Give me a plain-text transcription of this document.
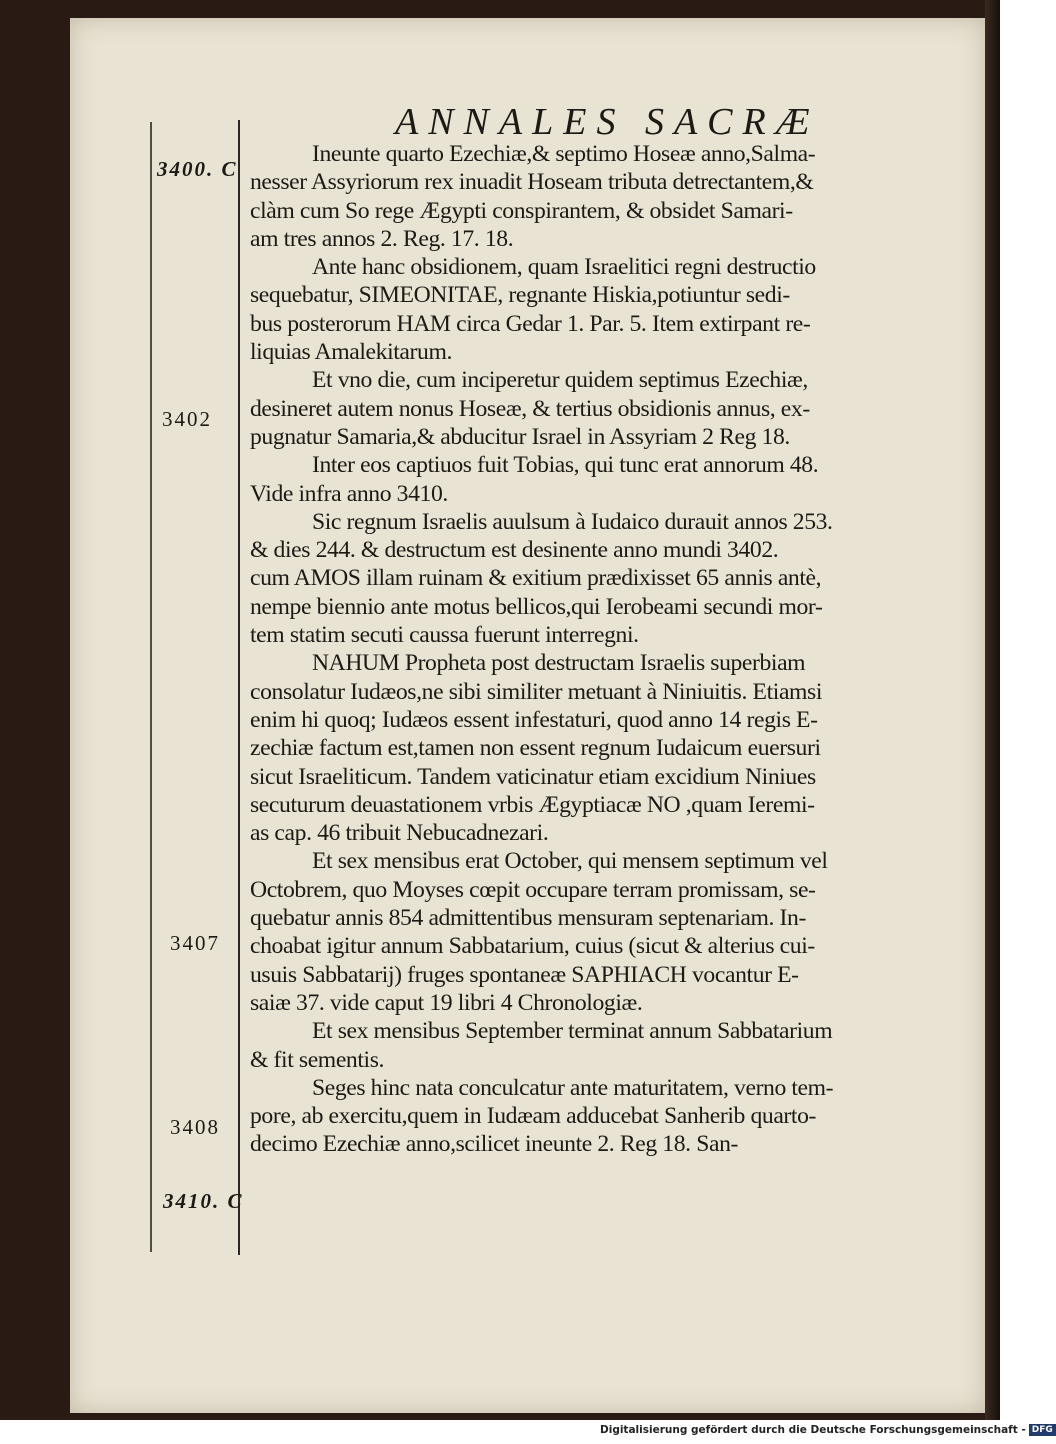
ANNALES SACRÆ
3400. C
3402
3407
3408
3410. C
Ineunte quarto Ezechiæ,& septimo Hoseæ anno,Salma-
nesser Assyriorum rex inuadit Hoseam tributa detrectantem,&
clàm cum So rege Ægypti conspirantem, & obsidet Samari-
am tres annos 2. Reg. 17. 18.
Ante hanc obsidionem, quam Israelitici regni destructio
sequebatur, SIMEONITAE, regnante Hiskia,potiuntur sedi-
bus posterorum HAM circa Gedar 1. Par. 5. Item extirpant re-
liquias Amalekitarum.
Et vno die, cum inciperetur quidem septimus Ezechiæ,
desineret autem nonus Hoseæ, & tertius obsidionis annus, ex-
pugnatur Samaria,& abducitur Israel in Assyriam 2 Reg 18.
Inter eos captiuos fuit Tobias, qui tunc erat annorum 48.
Vide infra anno 3410.
Sic regnum Israelis auulsum à Iudaico durauit annos 253.
& dies 244. & destructum est desinente anno mundi 3402.
cum AMOS illam ruinam & exitium prædixisset 65 annis antè,
nempe biennio ante motus bellicos,qui Ierobeami secundi mor-
tem statim secuti caussa fuerunt interregni.
NAHUM Propheta post destructam Israelis superbiam
consolatur Iudæos,ne sibi similiter metuant à Niniuitis. Etiamsi
enim hi quoq; Iudæos essent infestaturi, quod anno 14 regis E-
zechiæ factum est,tamen non essent regnum Iudaicum euersuri
sicut Israeliticum. Tandem vaticinatur etiam excidium Niniues
secuturum deuastationem vrbis Ægyptiacæ NO ,quam Ieremi-
as cap. 46 tribuit Nebucadnezari.
Et sex mensibus erat October, qui mensem septimum vel
Octobrem, quo Moyses cœpit occupare terram promissam, se-
quebatur annis 854 admittentibus mensuram septenariam. In-
choabat igitur annum Sabbatarium, cuius (sicut & alterius cui-
usuis Sabbatarij) fruges spontaneæ SAPHIACH vocantur E-
saiæ 37. vide caput 19 libri 4 Chronologiæ.
Et sex mensibus September terminat annum Sabbatarium
& fit sementis.
Seges hinc nata conculcatur ante maturitatem, verno tem-
pore, ab exercitu,quem in Iudæam adducebat Sanherib quarto-
decimo Ezechiæ anno,scilicet ineunte 2. Reg 18. San-
Digitalisierung gefördert durch die Deutsche Forschungsgemeinschaft - DFG
